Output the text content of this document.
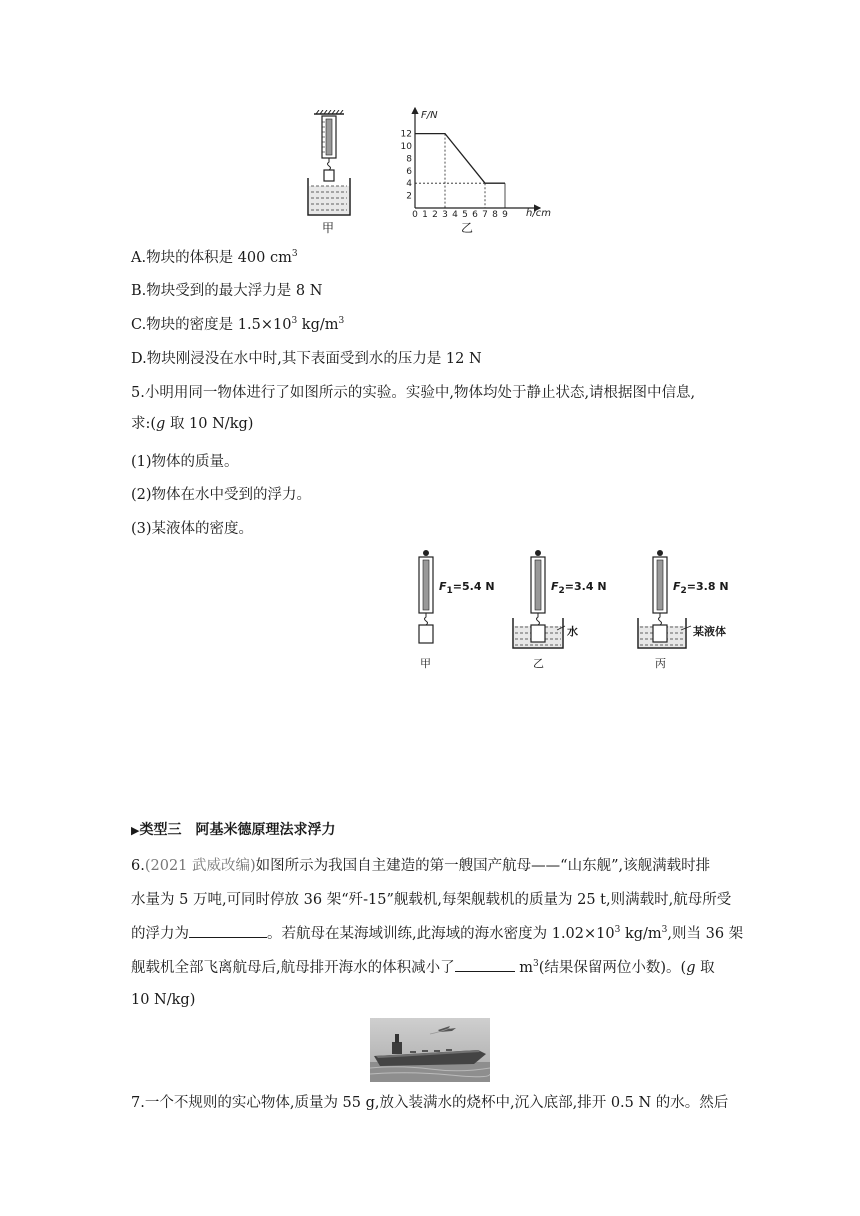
甲
F/N
h/cm
12
10
8
6
4
2
0 1 2 3 4 5 6 7 8 9
乙
A.物块的体积是 400 $cm^3$
B.物块受到的最大浮力是 8 N
C.物块的密度是 $1.5\times 10^3$ $kg/m^3$
D.物块刚浸没在水中时,其下表面受到水的压力是 12 N
5.小明用同一物体进行了如图所示的实验。实验中,物体均处于静止状态,请根据图中信息,
求:(g 取 10 N/kg)
(1)物体的质量。
(2)物体在水中受到的浮力。
(3)某液体的密度。
$F_1=5.4$ N	$F_2=3.4$ N	$F_2=3.8$ N
水	某液体
甲	乙	丙
▶类型三　阿基米德原理法求浮力
6.(2021 武威改编)如图所示为我国自主建造的第一艘国产航母——“山东舰”,该舰满载时排
水量为 5 万吨,可同时停放 36 架“歼-15”舰载机,每架舰载机的质量为 25 t,则满载时,航母所受
的浮力为	。若航母在某海域训练,此海域的海水密度为 $1.02\times 10^3$ $kg/m^3$,则当 36 架
舰载机全部飞离航母后,航母排开海水的体积减小了	$m^3$(结果保留两位小数)。(g 取
10 N/kg)
7.一个不规则的实心物体,质量为 55 g,放入装满水的烧杯中,沉入底部,排开 0.5 N 的水。然后
